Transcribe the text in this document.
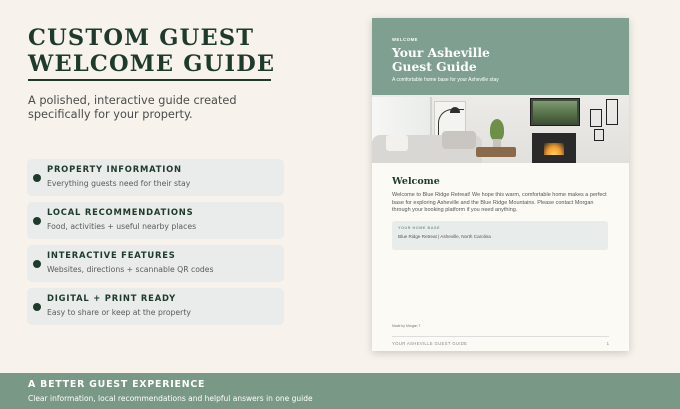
CUSTOM GUEST
WELCOME GUIDE

A polished, interactive guide created specifically for your property.

PROPERTY INFORMATION
Everything guests need for their stay
LOCAL RECOMMENDATIONS
Food, activities + useful nearby places
INTERACTIVE FEATURES
Websites, directions + scannable QR codes
DIGITAL + PRINT READY
Easy to share or keep at the property
WELCOME
Your Asheville
Guest Guide
A comfortable home base for your Asheville stay
Welcome

Welcome to Blue Ridge Retreat! We hope this warm, comfortable home makes a perfect base for exploring Asheville and the Blue Ridge Mountains. Please contact Morgan through your booking platform if you need anything.

YOUR HOME BASE
Blue Ridge Retreat | Asheville, North Carolina
Made by Morgan T.
YOUR ASHEVILLE GUEST GUIDE	1
A BETTER GUEST EXPERIENCE
Clear information, local recommendations and helpful answers in one guide
